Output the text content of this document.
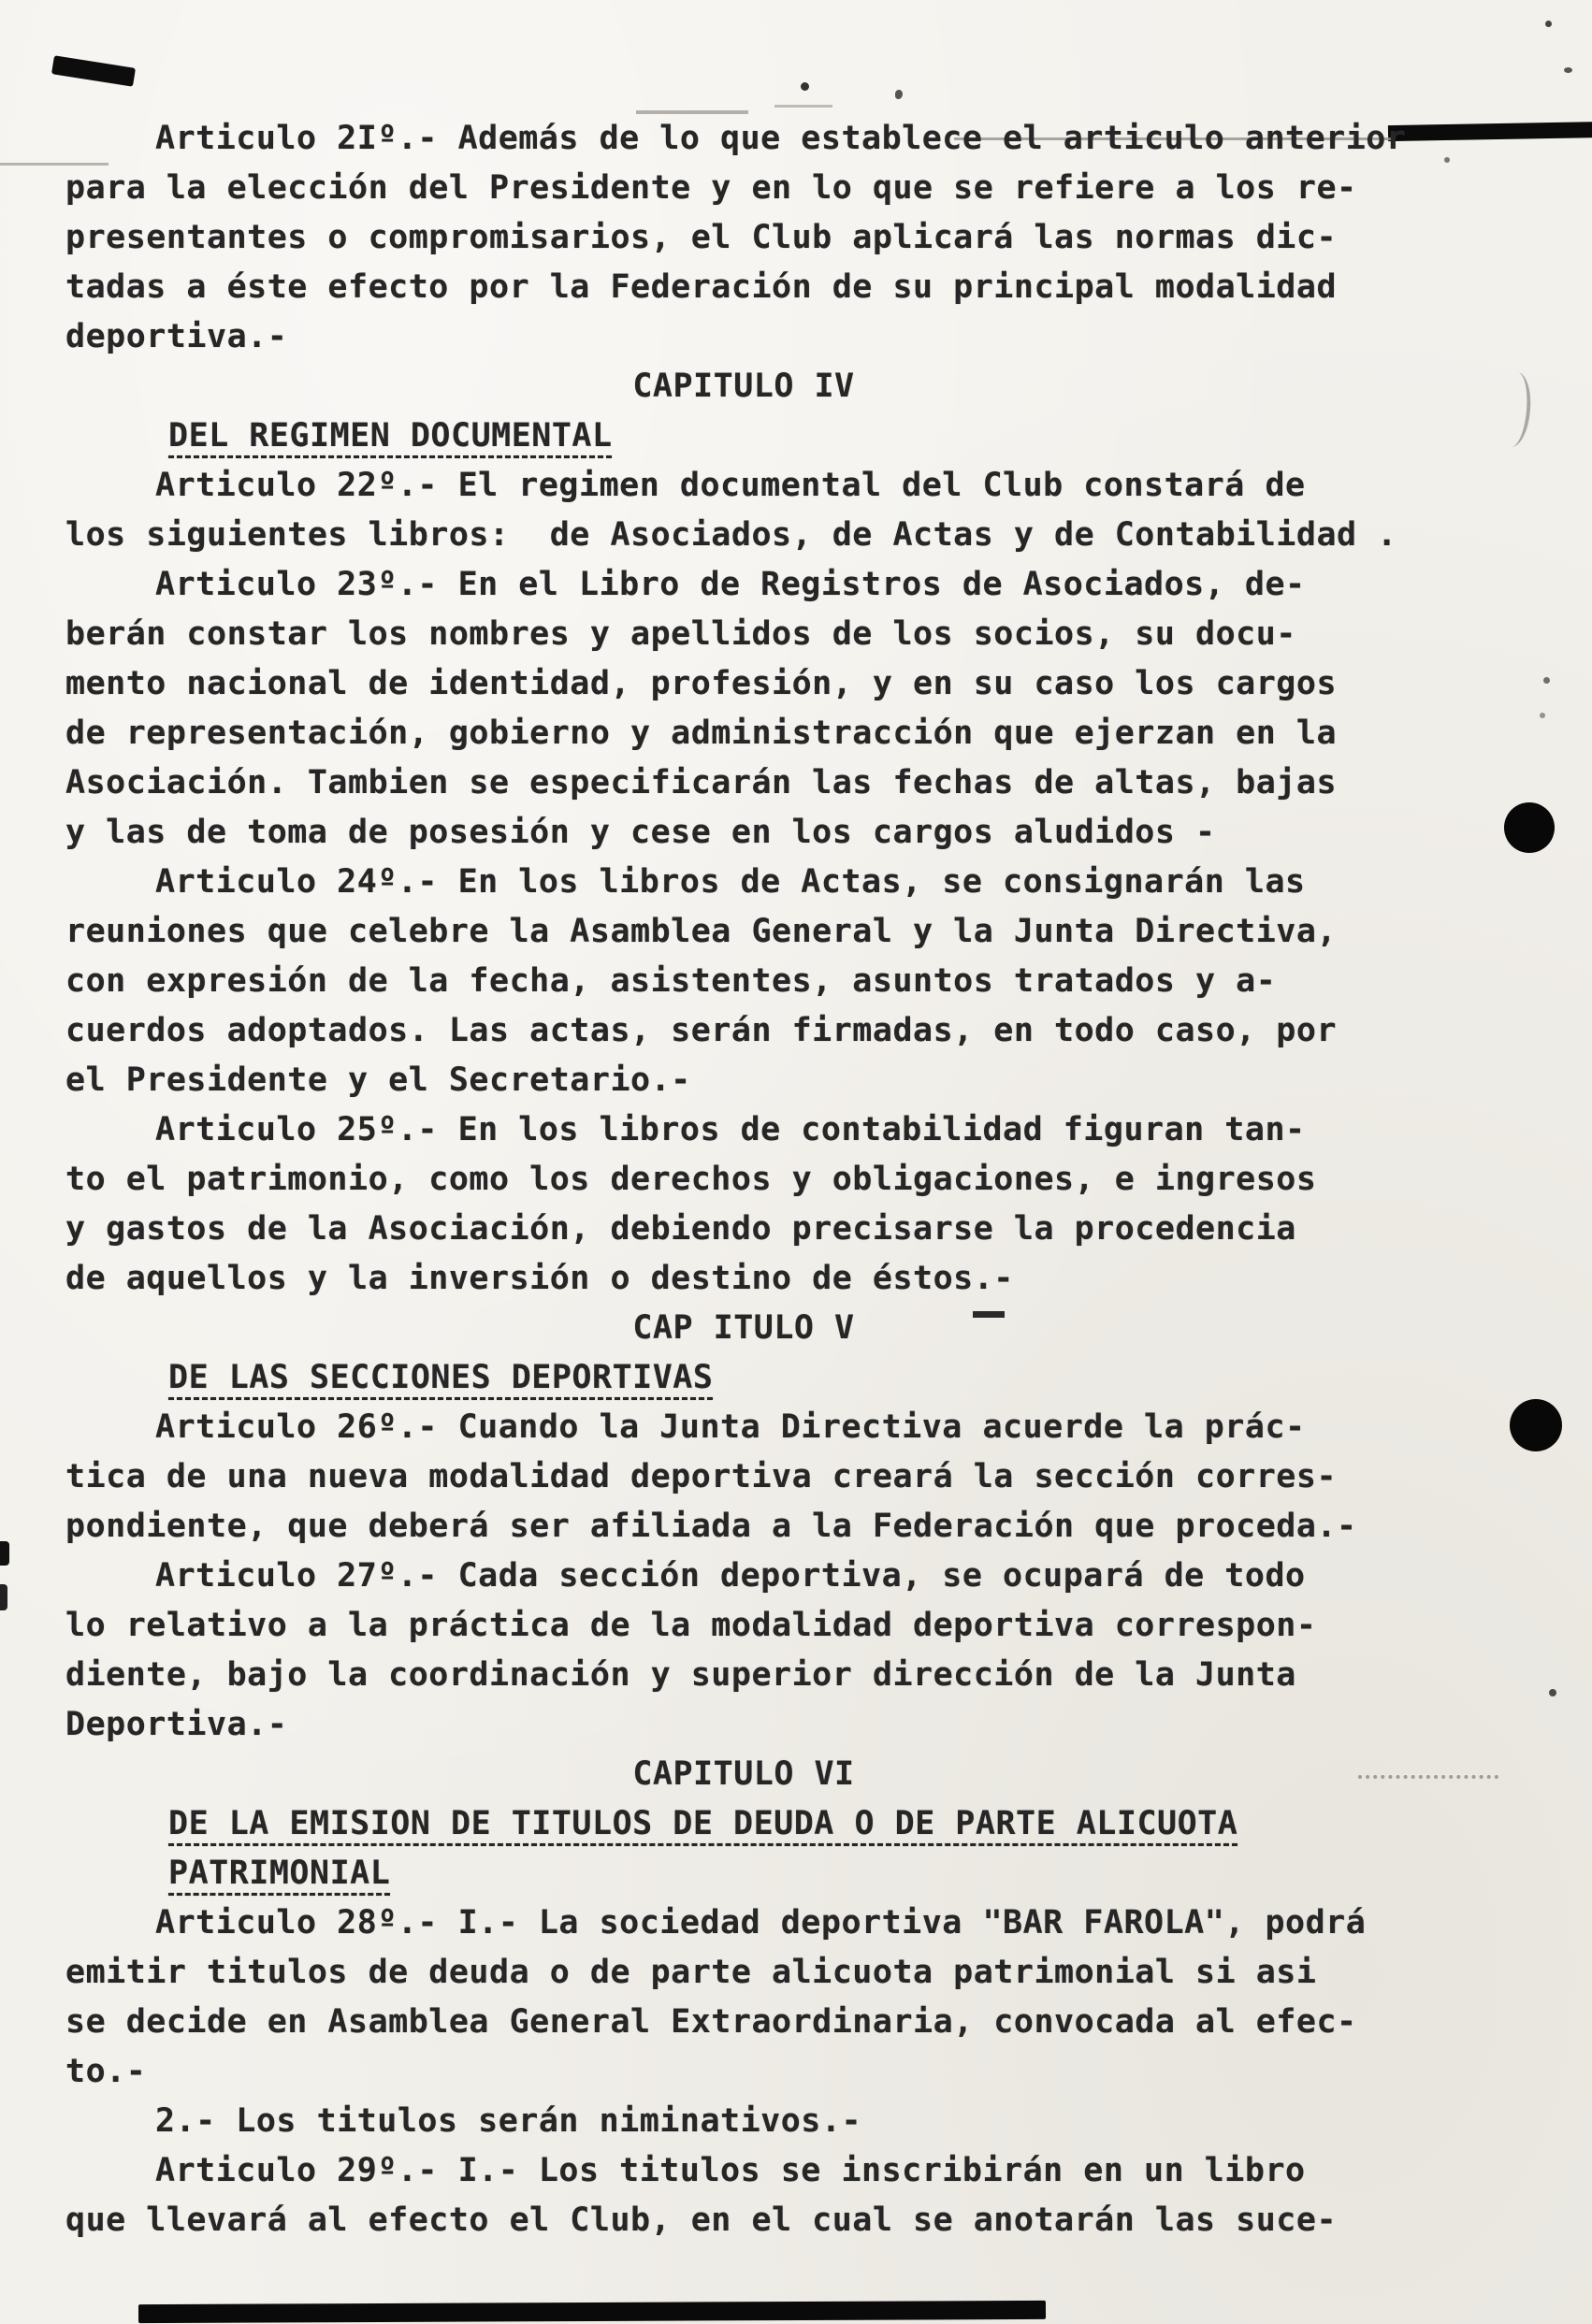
Articulo 2Iº.- Además de lo que establece el articulo anterior
para la elección del Presidente y en lo que se refiere a los re-
presentantes o compromisarios, el Club aplicará las normas dic-
tadas a éste efecto por la Federación de su principal modalidad
deportiva.-
CAPITULO IV
DEL REGIMEN DOCUMENTAL
Articulo 22º.- El regimen documental del Club constará de
los siguientes libros:  de Asociados, de Actas y de Contabilidad .
Articulo 23º.- En el Libro de Registros de Asociados, de-
berán constar los nombres y apellidos de los socios, su docu-
mento nacional de identidad, profesión, y en su caso los cargos
de representación, gobierno y administracción que ejerzan en la
Asociación. Tambien se especificarán las fechas de altas, bajas
y las de toma de posesión y cese en los cargos aludidos -
Articulo 24º.- En los libros de Actas, se consignarán las
reuniones que celebre la Asamblea General y la Junta Directiva,
con expresión de la fecha, asistentes, asuntos tratados y a-
cuerdos adoptados. Las actas, serán firmadas, en todo caso, por
el Presidente y el Secretario.-
Articulo 25º.- En los libros de contabilidad figuran tan-
to el patrimonio, como los derechos y obligaciones, e ingresos
y gastos de la Asociación, debiendo precisarse la procedencia
de aquellos y la inversión o destino de éstos.-
CAP ITULO V
DE LAS SECCIONES DEPORTIVAS
Articulo 26º.- Cuando la Junta Directiva acuerde la prác-
tica de una nueva modalidad deportiva creará la sección corres-
pondiente, que deberá ser afiliada a la Federación que proceda.-
Articulo 27º.- Cada sección deportiva, se ocupará de todo
lo relativo a la práctica de la modalidad deportiva correspon-
diente, bajo la coordinación y superior dirección de la Junta
Deportiva.-
CAPITULO VI
DE LA EMISION DE TITULOS DE DEUDA O DE PARTE ALICUOTA
PATRIMONIAL
Articulo 28º.- I.- La sociedad deportiva "BAR FAROLA", podrá
emitir titulos de deuda o de parte alicuota patrimonial si asi
se decide en Asamblea General Extraordinaria, convocada al efec-
to.-
2.- Los titulos serán niminativos.-
Articulo 29º.- I.- Los titulos se inscribirán en un libro
que llevará al efecto el Club, en el cual se anotarán las suce-
